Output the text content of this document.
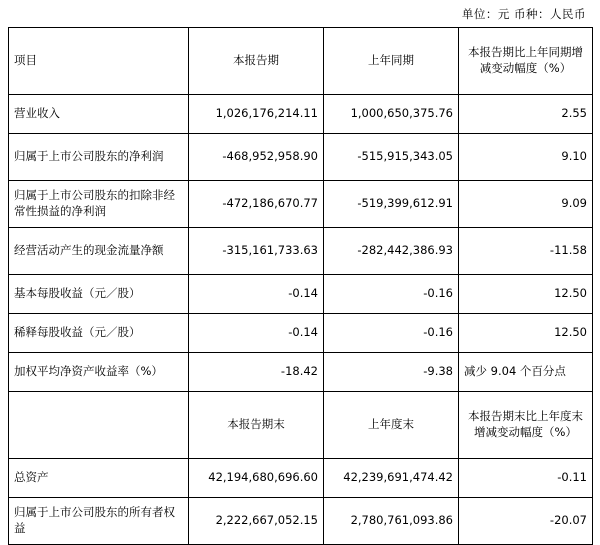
单位：元 币种：人民币
项目	本报告期	上年同期	本报告期比上年同期增减变动幅度（%）
营业收入	1,026,176,214.11	1,000,650,375.76	2.55
归属于上市公司股东的净利润	-468,952,958.90	-515,915,343.05	9.10
归属于上市公司股东的扣除非经常性损益的净利润	-472,186,670.77	-519,399,612.91	9.09
经营活动产生的现金流量净额	-315,161,733.63	-282,442,386.93	-11.58
基本每股收益（元／股）	-0.14	-0.16	12.50
稀释每股收益（元／股）	-0.14	-0.16	12.50
加权平均净资产收益率（%）	-18.42	-9.38	减少 9.04 个百分点
	本报告期末	上年度末	本报告期末比上年度末增减变动幅度（%）
总资产	42,194,680,696.60	42,239,691,474.42	-0.11
归属于上市公司股东的所有者权益	2,222,667,052.15	2,780,761,093.86	-20.07
